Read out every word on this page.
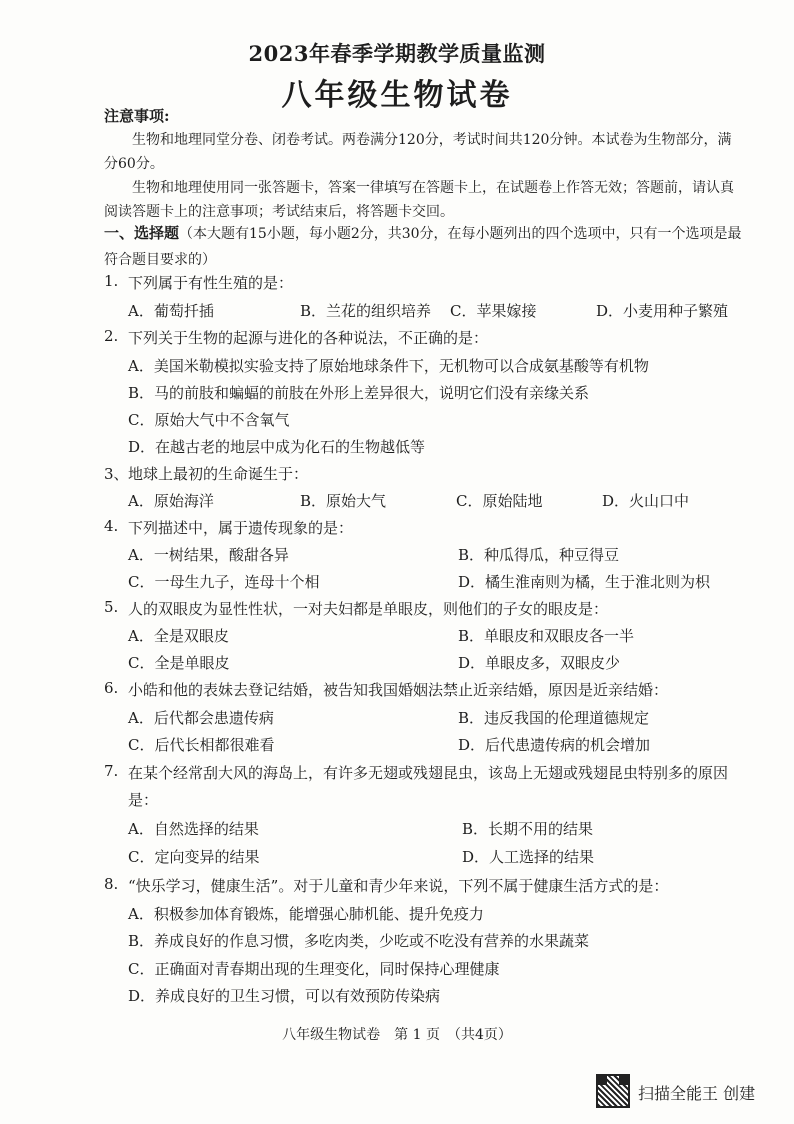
2023年春季学期教学质量监测
八年级生物试卷
注意事项:

生物和地理同堂分卷、闭卷考试。两卷满分120分，考试时间共120分钟。本试卷为生物部分，满分60分。

生物和地理使用同一张答题卡，答案一律填写在答题卡上，在试题卷上作答无效；答题前，请认真阅读答题卡上的注意事项；考试结束后，将答题卡交回。

一、选择题（本大题有15小题，每小题2分，共30分，在每小题列出的四个选项中，只有一个选项是最符合题目要求的）
1. 下列属于有性生殖的是：
A．葡萄扦插	B．兰花的组织培养 C．苹果嫁接	D．小麦用种子繁殖
2. 下列关于生物的起源与进化的各种说法，不正确的是：
A．美国米勒模拟实验支持了原始地球条件下，无机物可以合成氨基酸等有机物
B．马的前肢和蝙蝠的前肢在外形上差异很大，说明它们没有亲缘关系
C．原始大气中不含氧气
D．在越古老的地层中成为化石的生物越低等
3、 地球上最初的生命诞生于：
A．原始海洋	B．原始大气	C．原始陆地	D．火山口中
4. 下列描述中，属于遗传现象的是：
A．一树结果，酸甜各异	B．种瓜得瓜，种豆得豆
C．一母生九子，连母十个相	D．橘生淮南则为橘，生于淮北则为枳
5. 人的双眼皮为显性性状，一对夫妇都是单眼皮，则他们的子女的眼皮是：
A．全是双眼皮	B．单眼皮和双眼皮各一半
C．全是单眼皮	D．单眼皮多，双眼皮少
6. 小皓和他的表妹去登记结婚，被告知我国婚姻法禁止近亲结婚，原因是近亲结婚：
A．后代都会患遗传病	B．违反我国的伦理道德规定
C．后代长相都很难看	D．后代患遗传病的机会增加
7. 在某个经常刮大风的海岛上，有许多无翅或残翅昆虫，该岛上无翅或残翅昆虫特别多的原因
是：
A．自然选择的结果	B．长期不用的结果
C．定向变异的结果	D．人工选择的结果
8. “快乐学习，健康生活”。对于儿童和青少年来说，下列不属于健康生活方式的是：
A．积极参加体育锻炼，能增强心肺机能、提升免疫力
B．养成良好的作息习惯，多吃肉类，少吃或不吃没有营养的水果蔬菜
C．正确面对青春期出现的生理变化，同时保持心理健康
D．养成良好的卫生习惯，可以有效预防传染病
八年级生物试卷　第 1 页　（共4页）
扫描全能王 创建
